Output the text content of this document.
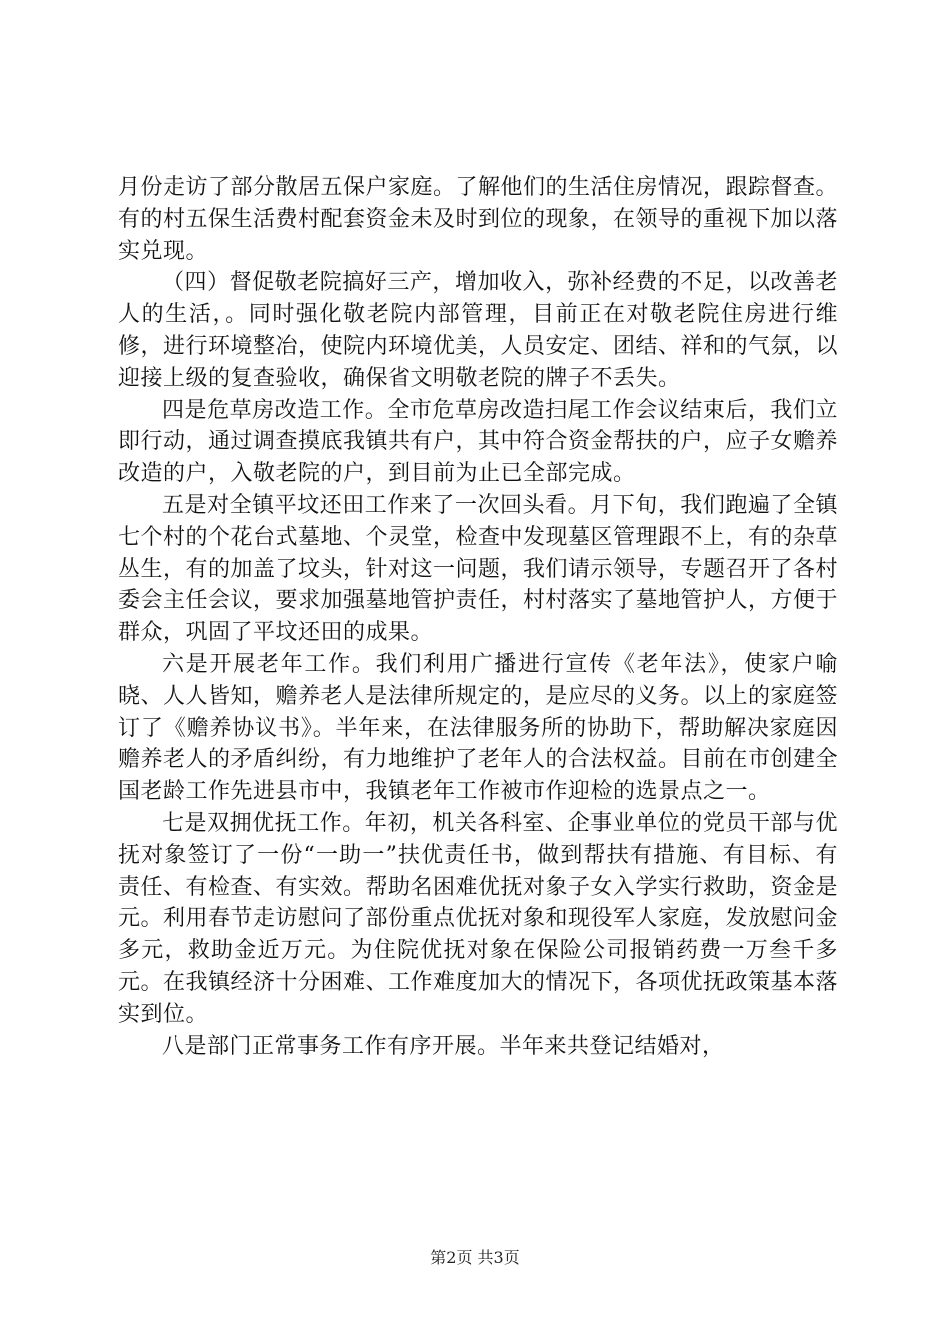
月份走访了部分散居五保户家庭。了解他们的生活住房情况，跟踪督查。有的村五保生活费村配套资金未及时到位的现象，在领导的重视下加以落实兑现。

（四）督促敬老院搞好三产，增加收入，弥补经费的不足，以改善老人的生活，。同时强化敬老院内部管理，目前正在对敬老院住房进行维修，进行环境整冶，使院内环境优美，人员安定、团结、祥和的气氛，以迎接上级的复查验收，确保省文明敬老院的牌子不丢失。

四是危草房改造工作。全市危草房改造扫尾工作会议结束后，我们立即行动，通过调查摸底我镇共有户，其中符合资金帮扶的户，应子女赡养改造的户，入敬老院的户，到目前为止已全部完成。

五是对全镇平坟还田工作来了一次回头看。月下旬，我们跑遍了全镇七个村的个花台式墓地、个灵堂，检查中发现墓区管理跟不上，有的杂草丛生，有的加盖了坟头，针对这一问题，我们请示领导，专题召开了各村委会主任会议，要求加强墓地管护责任，村村落实了墓地管护人，方便于群众，巩固了平坟还田的成果。

六是开展老年工作。我们利用广播进行宣传《老年法》，使家户喻晓、人人皆知，赡养老人是法律所规定的，是应尽的义务。以上的家庭签订了《赡养协议书》。半年来，在法律服务所的协助下，帮助解决家庭因赡养老人的矛盾纠纷，有力地维护了老年人的合法权益。目前在市创建全国老龄工作先进县市中，我镇老年工作被市作迎检的选景点之一。

七是双拥优抚工作。年初，机关各科室、企事业单位的党员干部与优抚对象签订了一份“一助一”扶优责任书，做到帮扶有措施、有目标、有责任、有检查、有实效。帮助名困难优抚对象子女入学实行救助，资金是元。利用春节走访慰问了部份重点优抚对象和现役军人家庭，发放慰问金多元，救助金近万元。为住院优抚对象在保险公司报销药费一万叁千多元。在我镇经济十分困难、工作难度加大的情况下，各项优抚政策基本落实到位。

八是部门正常事务工作有序开展。半年来共登记结婚对，

第2页 共3页
